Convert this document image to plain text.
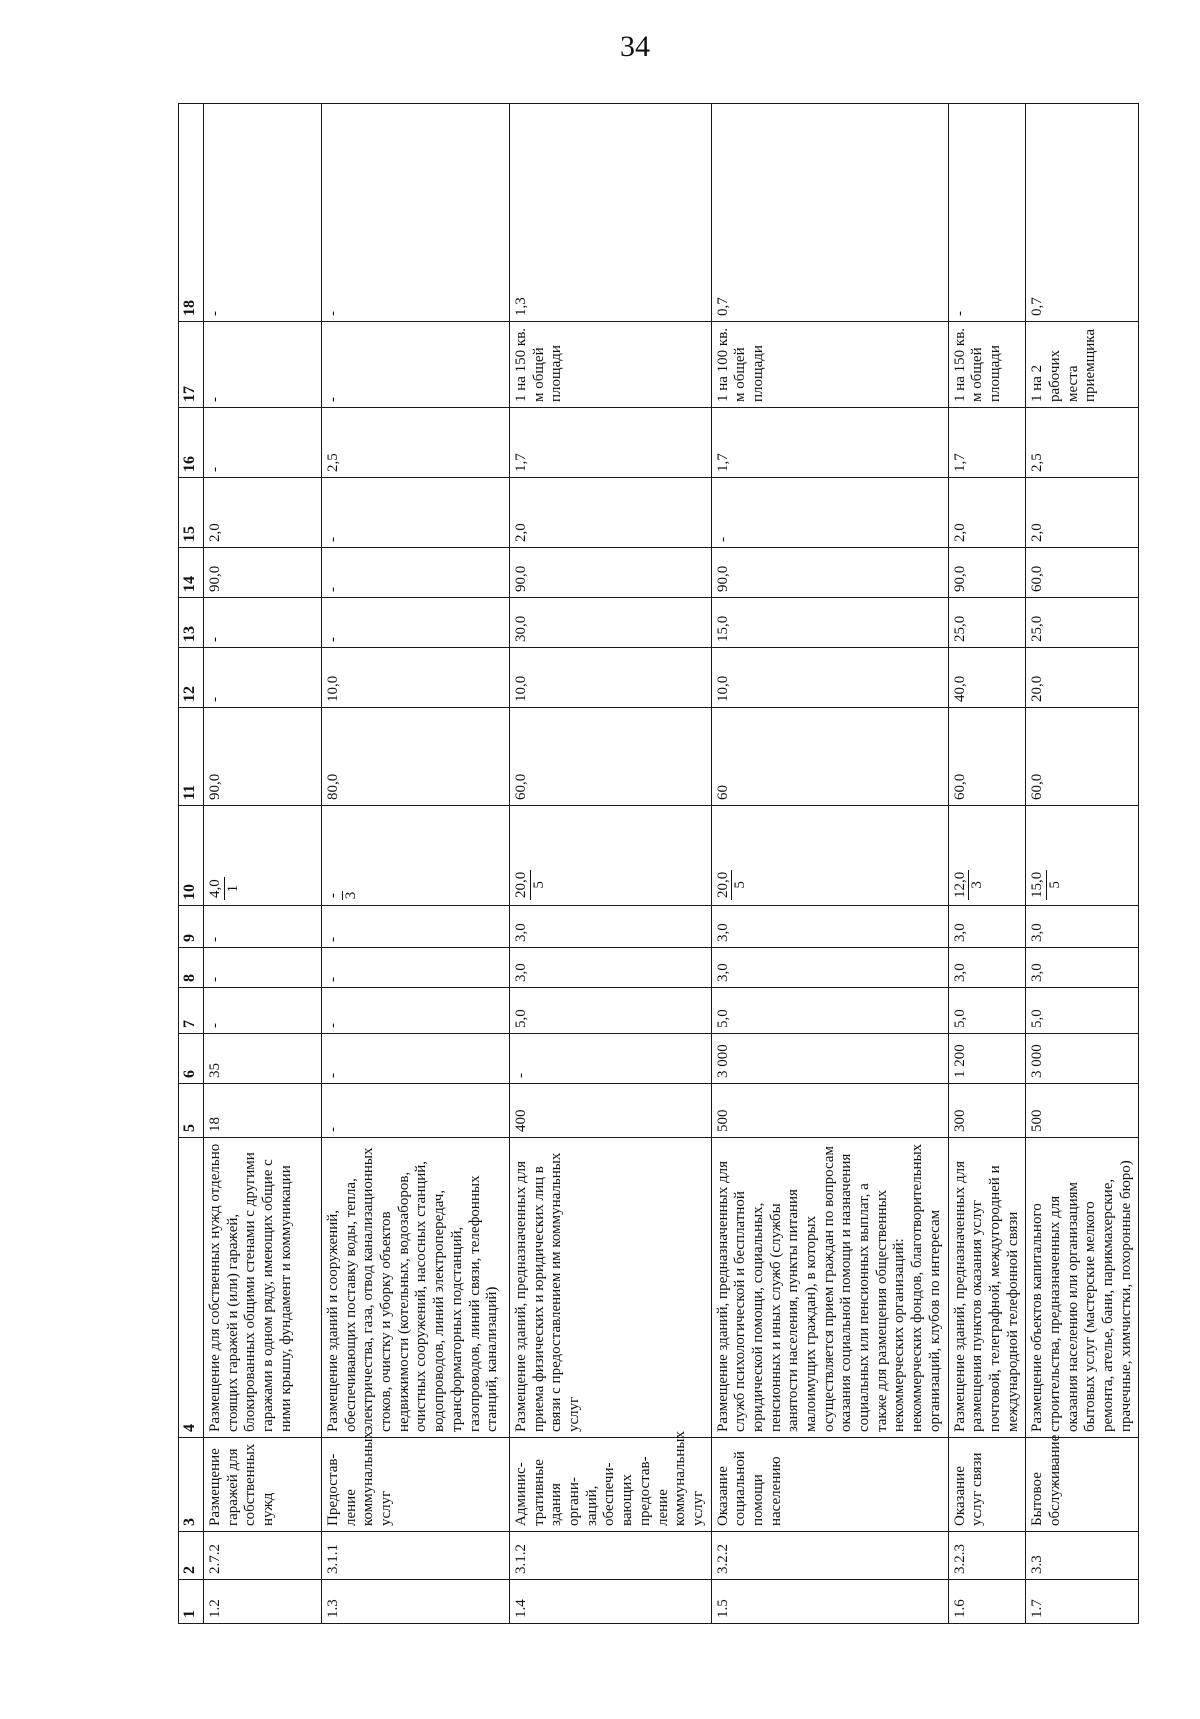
34
1	2	3	4	5	6	7	8	9	10	11	12	13	14	15	16	17	18
1.2	2.7.2	Размещение гаражей для собственных нужд	Размещение для собственных нужд отдельно стоящих гаражей и (или) гаражей, блокированных общими стенами с другими гаражами в одном ряду, имеющих общие с ними крышу, фундамент и коммуникации	18	35	-	-	-	4,0 1	90,0	-	-	90,0	2,0	-	-	-
1.3	3.1.1	Предостав-ление коммунальных услуг	Размещение зданий и сооружений, обеспечивающих поставку воды, тепла, электричества, газа, отвод канализационных стоков, очистку и уборку объектов недвижимости (котельных, водозаборов, очистных сооружений, насосных станций, водопроводов, линий электропередач, трансформаторных подстанций, газопроводов, линий связи, телефонных станций, канализаций)	-	-	-	-	-	- 3	80,0	10,0	-	-	-	2,5	-	-
1.4	3.1.2	Админис-тративные здания органи-заций, обеспечи-вающих предостав-ление коммунальных услуг	Размещение зданий, предназначенных для приема физических и юридических лиц в связи с предоставлением им коммунальных услуг	400	-	5,0	3,0	3,0	20,0 5	60,0	10,0	30,0	90,0	2,0	1,7	1 на 150 кв. м общей площади	1,3
1.5	3.2.2	Оказание социальной помощи населению	Размещение зданий, предназначенных для служб психологической и бесплатной юридической помощи, социальных, пенсионных и иных служб (службы занятости населения, пункты питания малоимущих граждан), в которых осуществляется прием граждан по вопросам оказания социальной помощи и назначения социальных или пенсионных выплат, а также для размещения общественных некоммерческих организаций: некоммерческих фондов, благотворительных организаций, клубов по интересам	500	3 000	5,0	3,0	3,0	20,0 5	60	10,0	15,0	90,0	-	1,7	1 на 100 кв. м общей площади	0,7
1.6	3.2.3	Оказание услуг связи	Размещение зданий, предназначенных для размещения пунктов оказания услуг почтовой, телеграфной, междугородней и международной телефонной связи	300	1 200	5,0	3,0	3,0	12,0 3	60,0	40,0	25,0	90,0	2,0	1,7	1 на 150 кв. м общей площади	-
1.7	3.3	Бытовое обслуживание	Размещение объектов капитального строительства, предназначенных для оказания населению или организациям бытовых услуг (мастерские мелкого ремонта, ателье, бани, парикмахерские, прачечные, химчистки, похоронные бюро)	500	3 000	5,0	3,0	3,0	15,0 5	60,0	20,0	25,0	60,0	2,0	2,5	1 на 2 рабочих места приемщика	0,7
